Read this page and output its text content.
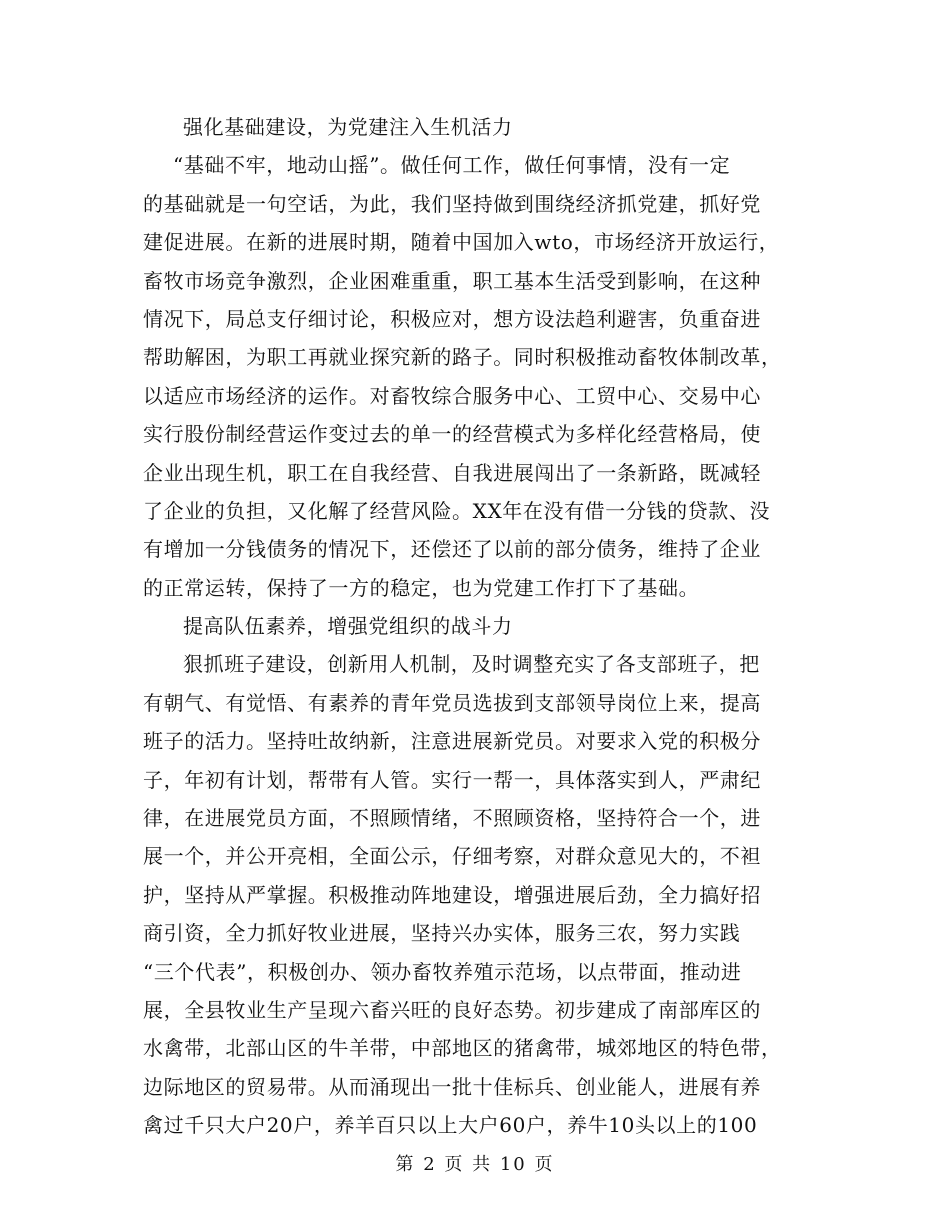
强化基础建设，为党建注入生机活力
“基础不牢，地动山摇”。做任何工作，做任何事情，没有一定
的基础就是一句空话，为此，我们坚持做到围绕经济抓党建，抓好党
建促进展。在新的进展时期，随着中国加入wto，市场经济开放运行，
畜牧市场竞争激烈，企业困难重重，职工基本生活受到影响，在这种
情况下，局总支仔细讨论，积极应对，想方设法趋利避害，负重奋进
帮助解困，为职工再就业探究新的路子。同时积极推动畜牧体制改革，
以适应市场经济的运作。对畜牧综合服务中心、工贸中心、交易中心
实行股份制经营运作变过去的单一的经营模式为多样化经营格局，使
企业出现生机，职工在自我经营、自我进展闯出了一条新路，既减轻
了企业的负担，又化解了经营风险。XX年在没有借一分钱的贷款、没
有增加一分钱债务的情况下，还偿还了以前的部分债务，维持了企业
的正常运转，保持了一方的稳定，也为党建工作打下了基础。
提高队伍素养，增强党组织的战斗力
狠抓班子建设，创新用人机制，及时调整充实了各支部班子，把
有朝气、有觉悟、有素养的青年党员选拔到支部领导岗位上来，提高
班子的活力。坚持吐故纳新，注意进展新党员。对要求入党的积极分
子，年初有计划，帮带有人管。实行一帮一，具体落实到人，严肃纪
律，在进展党员方面，不照顾情绪，不照顾资格，坚持符合一个，进
展一个，并公开亮相，全面公示，仔细考察，对群众意见大的，不袒
护，坚持从严掌握。积极推动阵地建设，增强进展后劲，全力搞好招
商引资，全力抓好牧业进展，坚持兴办实体，服务三农，努力实践
“三个代表”，积极创办、领办畜牧养殖示范场，以点带面，推动进
展，全县牧业生产呈现六畜兴旺的良好态势。初步建成了南部库区的
水禽带，北部山区的牛羊带，中部地区的猪禽带，城郊地区的特色带，
边际地区的贸易带。从而涌现出一批十佳标兵、创业能人，进展有养
禽过千只大户20户，养羊百只以上大户60户，养牛10头以上的100
第 2 页 共 10 页
